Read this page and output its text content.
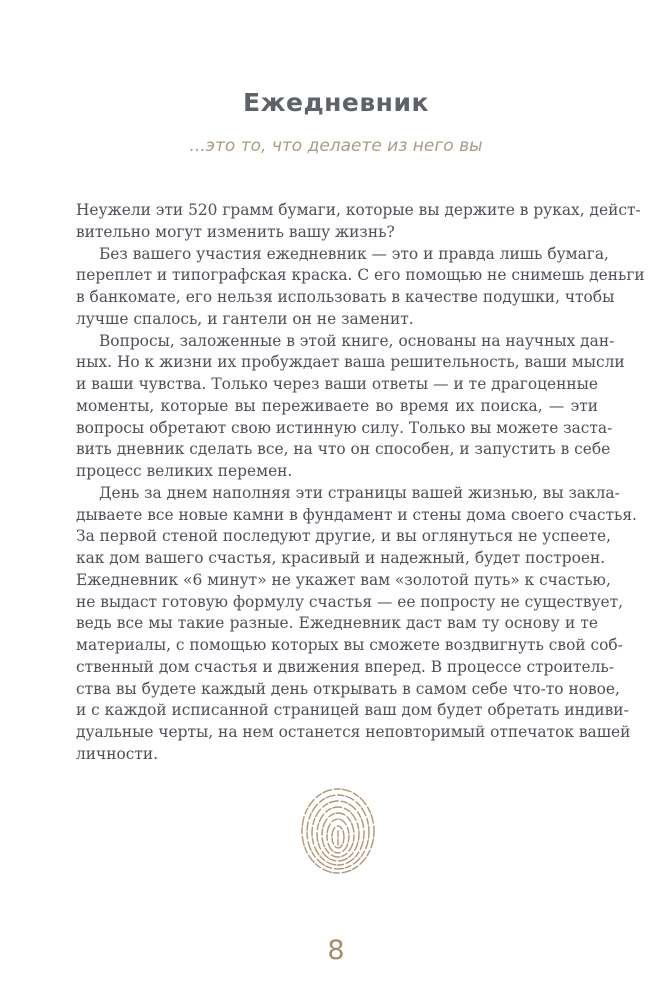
Ежедневник
...это то, что делаете из него вы
Неужели эти 520 грамм бумаги, которые вы держите в руках, дейст-
вительно могут изменить вашу жизнь?
Без вашего участия ежедневник — это и правда лишь бумага,
переплет и типографская краска. С его помощью не снимешь деньги
в банкомате, его нельзя использовать в качестве подушки, чтобы
лучше спалось, и гантели он не заменит.
Вопросы, заложенные в этой книге, основаны на научных дан-
ных. Но к жизни их пробуждает ваша решительность, ваши мысли
и ваши чувства. Только через ваши ответы — и те драгоценные
моменты, которые вы переживаете во время их поиска, — эти
вопросы обретают свою истинную силу. Только вы можете заста-
вить дневник сделать все, на что он способен, и запустить в себе
процесс великих перемен.
День за днем наполняя эти страницы вашей жизнью, вы закла-
дываете все новые камни в фундамент и стены дома своего счастья.
За первой стеной последуют другие, и вы оглянуться не успеете,
как дом вашего счастья, красивый и надежный, будет построен.
Ежедневник «6 минут» не укажет вам «золотой путь» к счастью,
не выдаст готовую формулу счастья — ее попросту не существует,
ведь все мы такие разные. Ежедневник даст вам ту основу и те
материалы, с помощью которых вы сможете воздвигнуть свой соб-
ственный дом счастья и движения вперед. В процессе строитель-
ства вы будете каждый день открывать в самом себе что-то новое,
и с каждой исписанной страницей ваш дом будет обретать индиви-
дуальные черты, на нем останется неповторимый отпечаток вашей
личности.
8
